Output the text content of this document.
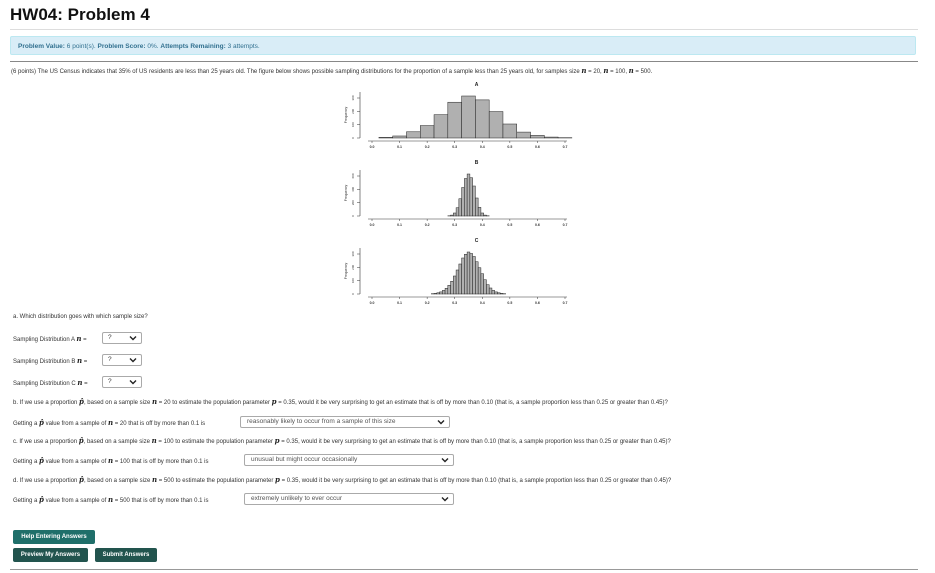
HW04: Problem 4
Problem Value: 6 point(s). Problem Score: 0%. Attempts Remaining: 3 attempts.
(6 points) The US Census indicates that 35% of US residents are less than 25 years old. The figure below shows possible sampling distributions for the proportion of a sample less than 25 years old, for samples size n = 20, n = 100, n = 500.
A
Frequency
0
100
200
300
0.0	0.1	0.2	0.3	0.4	0.5	0.6	0.7
B
Frequency
0
200
400
600
0.0	0.1	0.2	0.3	0.4	0.5	0.6	0.7
C
Frequency
0
100
200
300
0.0	0.1	0.2	0.3	0.4	0.5	0.6	0.7
a. Which distribution goes with which sample size?
Sampling Distribution A n =	?
Sampling Distribution B n =	?
Sampling Distribution C n =	?
b. If we use a proportion p̂, based on a sample size n = 20 to estimate the population parameter p = 0.35, would it be very surprising to get an estimate that is off by more than 0.10 (that is, a sample proportion less than 0.25 or greater than 0.45)?
Getting a p̂ value from a sample of n = 20 that is off by more than 0.1 is	reasonably likely to occur from a sample of this size
c. If we use a proportion p̂, based on a sample size n = 100 to estimate the population parameter p = 0.35, would it be very surprising to get an estimate that is off by more than 0.10 (that is, a sample proportion less than 0.25 or greater than 0.45)?
Getting a p̂ value from a sample of n = 100 that is off by more than 0.1 is	unusual but might occur occasionally
d. If we use a proportion p̂, based on a sample size n = 500 to estimate the population parameter p = 0.35, would it be very surprising to get an estimate that is off by more than 0.10 (that is, a sample proportion less than 0.25 or greater than 0.45)?
Getting a p̂ value from a sample of n = 500 that is off by more than 0.1 is	extremely unlikely to ever occur
Help Entering Answers
Preview My Answers	Submit Answers
